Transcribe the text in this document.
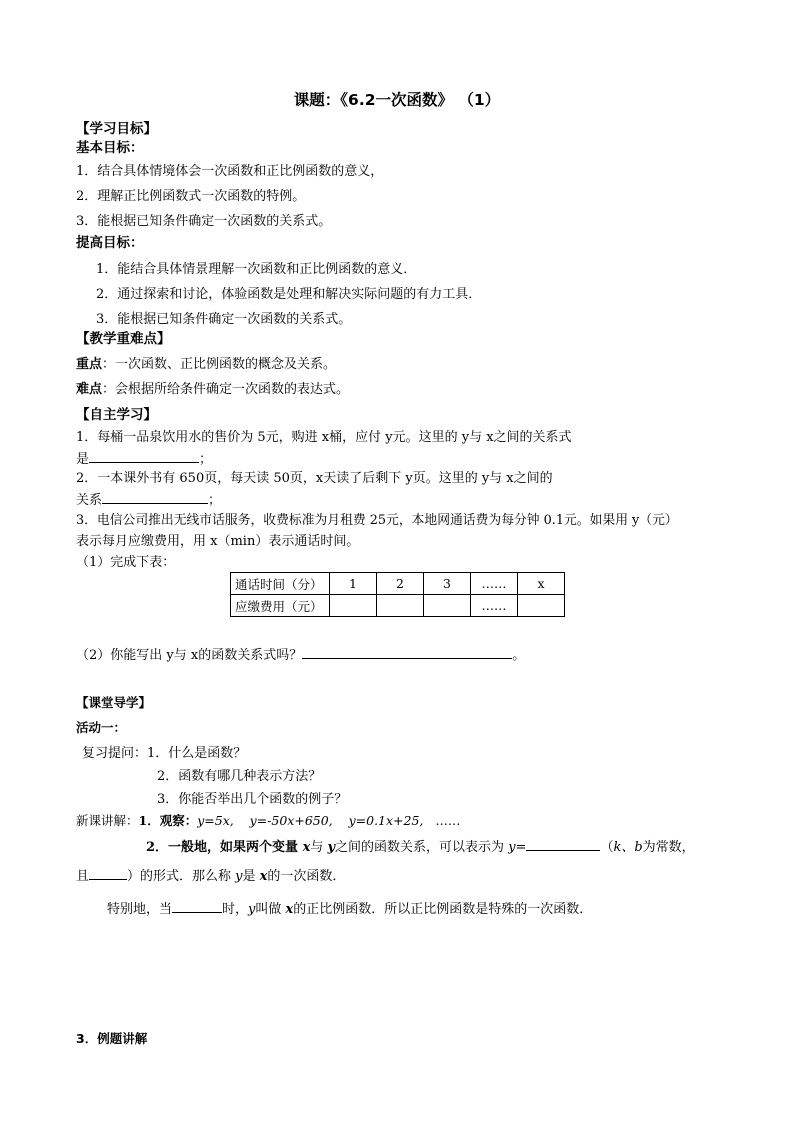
课题：《6.2一次函数》 （1）
【学习目标】
基本目标：
1．结合具体情境体会一次函数和正比例函数的意义，
2．理解正比例函数式一次函数的特例。
3．能根据已知条件确定一次函数的关系式。
提高目标：
1．能结合具体情景理解一次函数和正比例函数的意义．
2．通过探索和讨论，体验函数是处理和解决实际问题的有力工具．
3．能根据已知条件确定一次函数的关系式。
【教学重难点】
重点：一次函数、正比例函数的概念及关系。
难点：会根据所给条件确定一次函数的表达式。
【自主学习】
1．每桶一品泉饮用水的售价为 5元，购进 x桶，应付 y元。这里的 y与 x之间的关系式
是	；
2．一本课外书有 650页，每天读 50页，x天读了后剩下 y页。这里的 y与 x之间的
关系	；
3．电信公司推出无线市话服务，收费标准为月租费 25元，本地网通话费为每分钟 0.1元。如果用 y（元）
表示每月应缴费用，用 x（min）表示通话时间。
（1）完成下表：
通话时间（分）	1	2	3	……	x
应缴费用（元）				……	
（2）你能写出 y与 x的函数关系式吗？	。
【课堂导学】
活动一：
复习提问：1．什么是函数？
2．函数有哪几种表示方法？
3．你能否举出几个函数的例子？
新课讲解：1．观察：y=5x, y=-50x+650, y=0.1x+25, ……
2．一般地，如果两个变量 x与 y之间的函数关系，可以表示为 y=	（k、b为常数，
且	）的形式．那么称 y是 x的一次函数．
特别地，当	时，y叫做 x的正比例函数．所以正比例函数是特殊的一次函数．
3．例题讲解
